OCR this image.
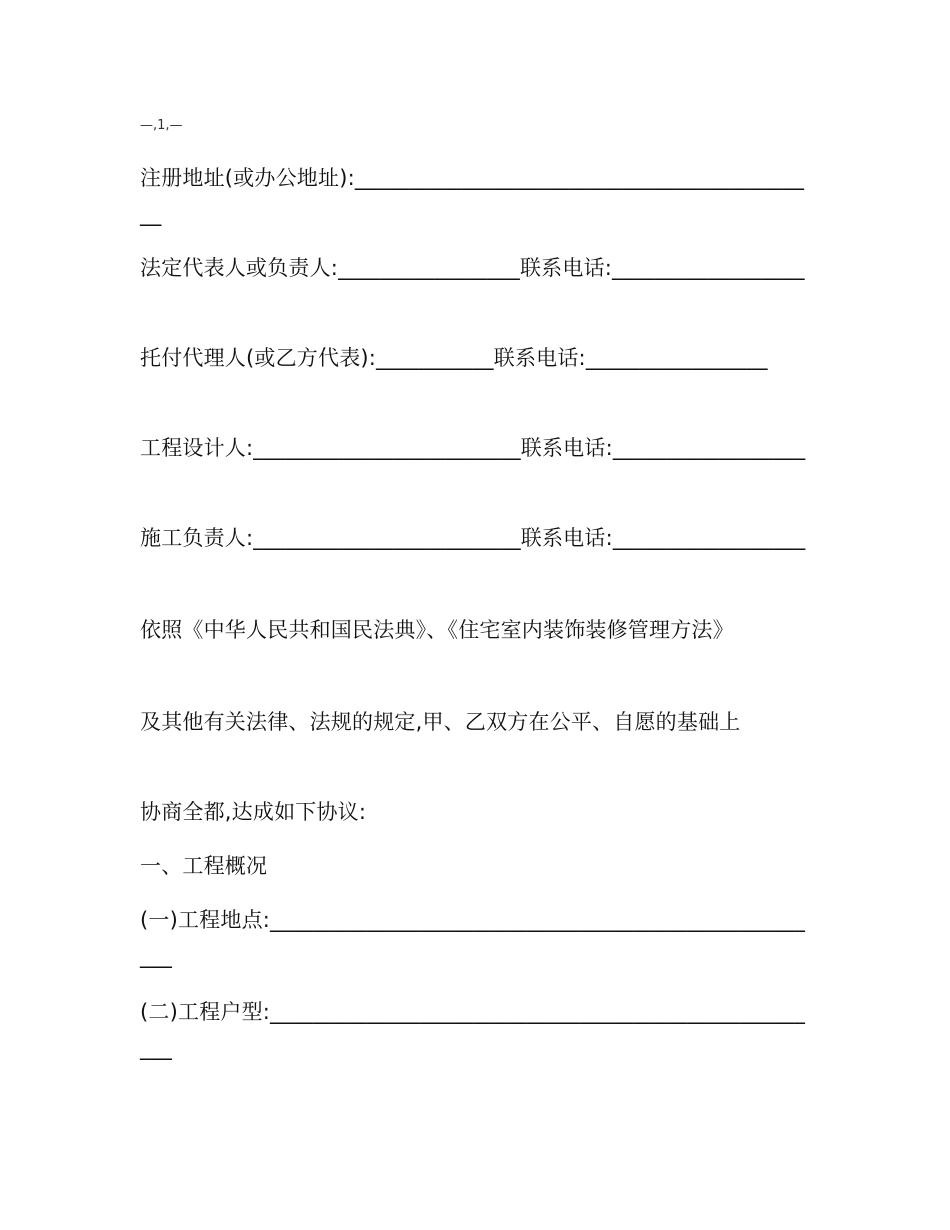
—,1,—
注册地址(或办公地址):____________________________________________
法定代表人或负责人:_________________联系电话:__________________
托付代理人(或乙方代表):___________联系电话:_________________
工程设计人:_________________________联系电话:__________________
施工负责人:_________________________联系电话:__________________
依照《中华人民共和国民法典》、《住宅室内装饰装修管理方法》
及其他有关法律、法规的规定,甲、乙双方在公平、自愿的基础上
协商全都,达成如下协议:
一、工程概况
(一)工程地点:_____________________________________________________
(二)工程户型:_____________________________________________________
